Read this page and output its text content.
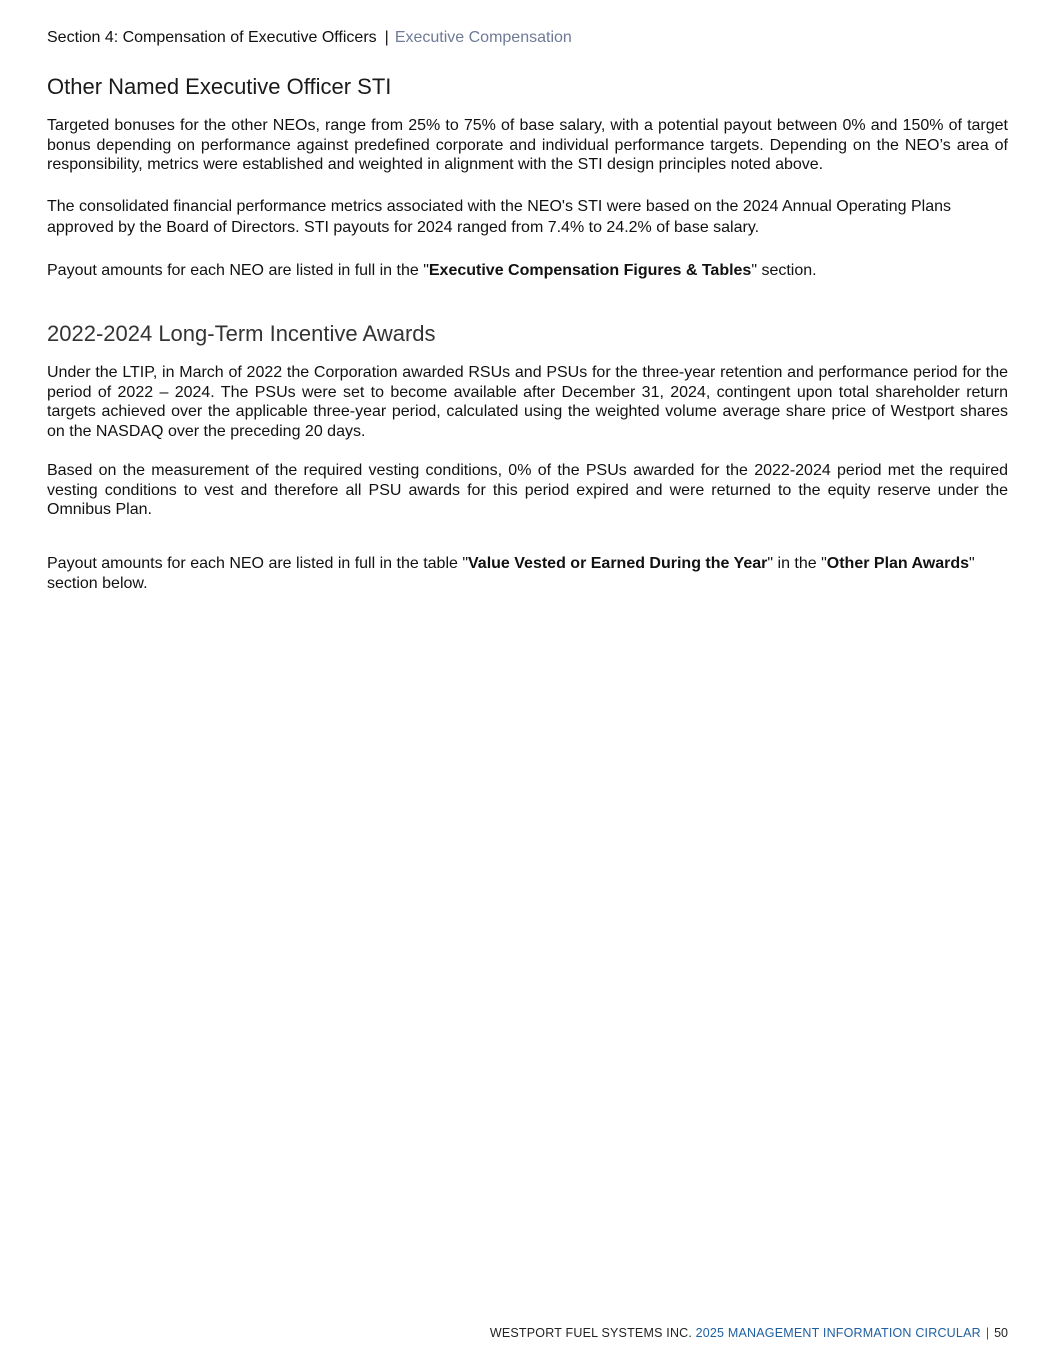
Section 4: Compensation of Executive Officers | Executive Compensation
Other Named Executive Officer STI

Targeted bonuses for the other NEOs, range from 25% to 75% of base salary, with a potential payout between 0% and 150% of target bonus depending on performance against predefined corporate and individual performance targets. Depending on the NEO’s area of responsibility, metrics were established and weighted in alignment with the STI design principles noted above.

The consolidated financial performance metrics associated with the NEO's STI were based on the 2024 Annual Operating Plans approved by the Board of Directors. STI payouts for 2024 ranged from 7.4% to 24.2% of base salary.

Payout amounts for each NEO are listed in full in the "Executive Compensation Figures & Tables" section.

2022-2024 Long-Term Incentive Awards

Under the LTIP, in March of 2022 the Corporation awarded RSUs and PSUs for the three-year retention and performance period for the period of 2022 – 2024. The PSUs were set to become available after December 31, 2024, contingent upon total shareholder return targets achieved over the applicable three-year period, calculated using the weighted volume average share price of Westport shares on the NASDAQ over the preceding 20 days.

Based on the measurement of the required vesting conditions, 0% of the PSUs awarded for the 2022-2024 period met the required vesting conditions to vest and therefore all PSU awards for this period expired and were returned to the equity reserve under the Omnibus Plan.

Payout amounts for each NEO are listed in full in the table "Value Vested or Earned During the Year" in the "Other Plan Awards" section below.

WESTPORT FUEL SYSTEMS INC. 2025 MANAGEMENT INFORMATION CIRCULAR | 50
